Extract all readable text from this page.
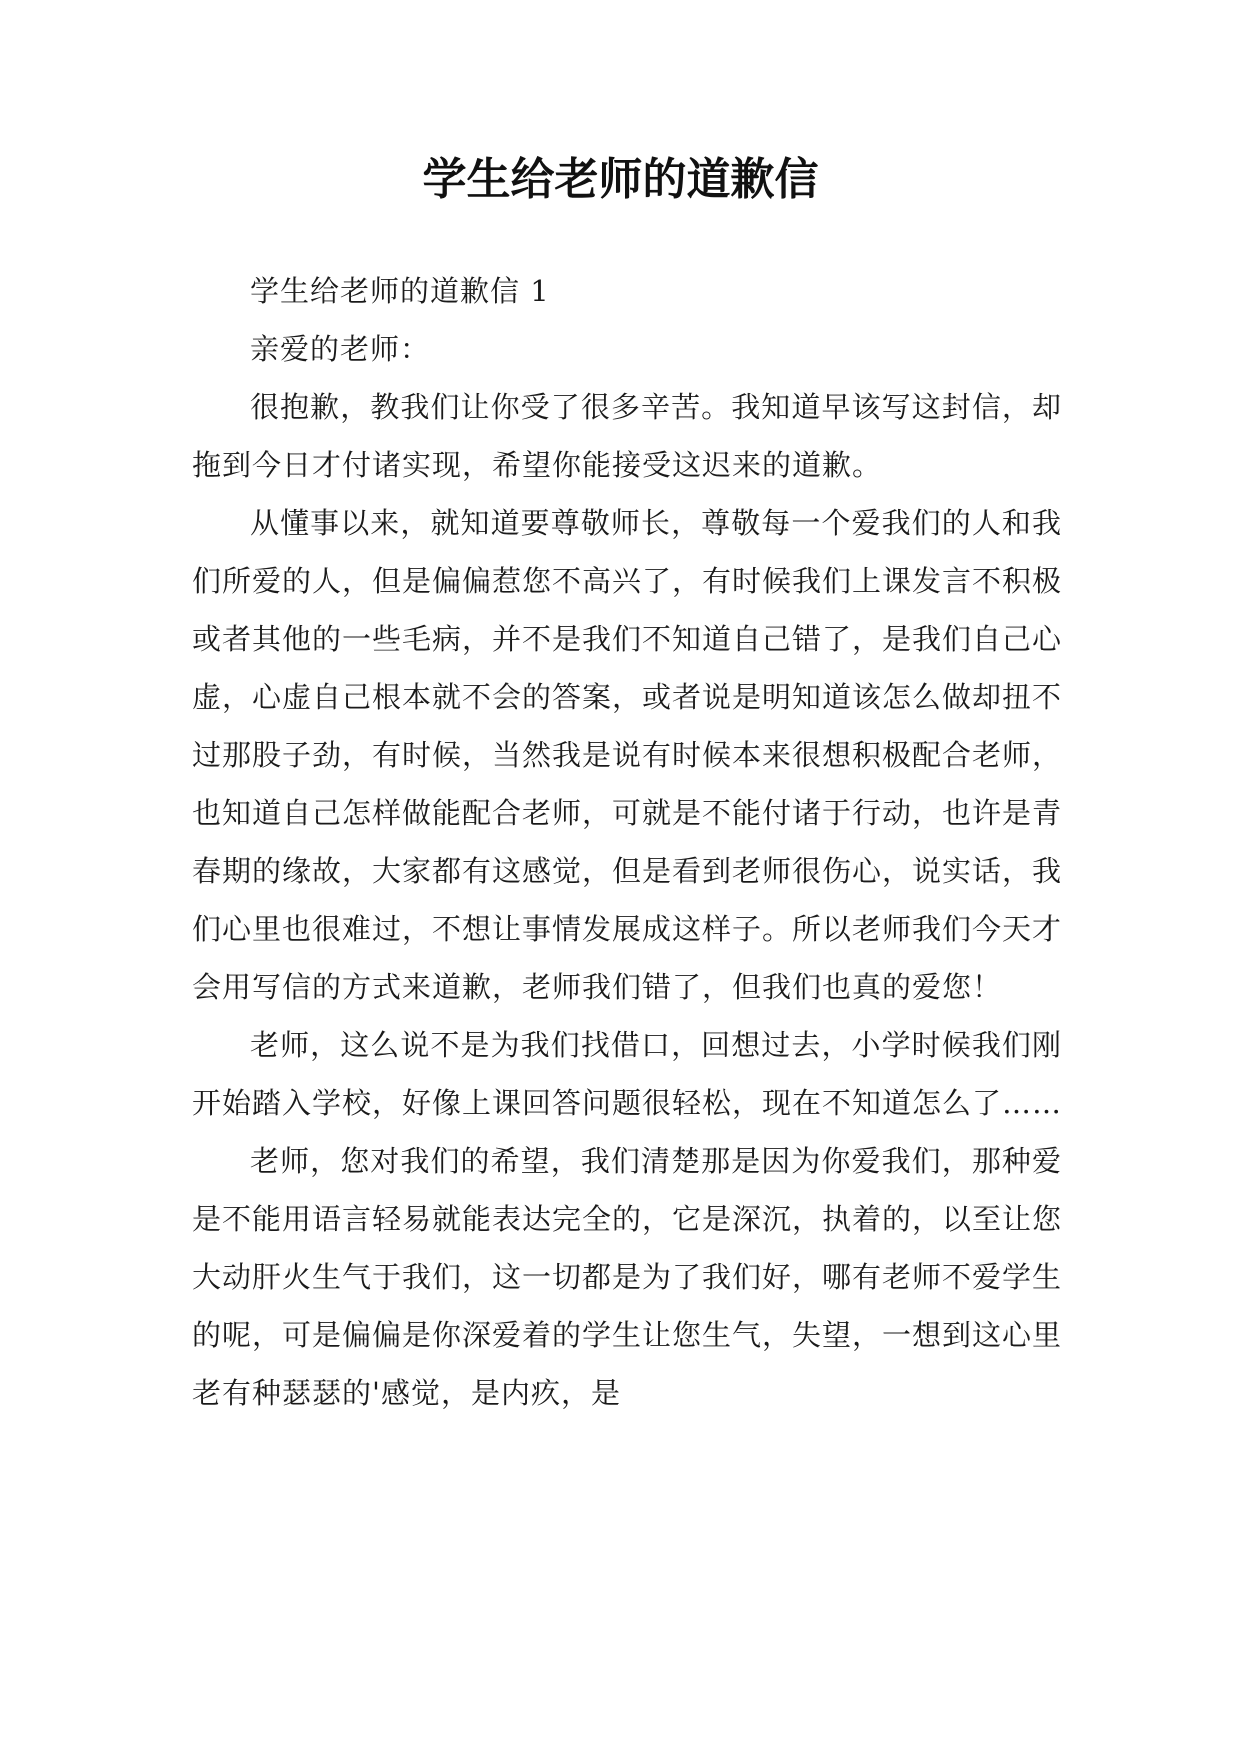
学生给老师的道歉信

学生给老师的道歉信 1

亲爱的老师：

很抱歉，教我们让你受了很多辛苦。我知道早该写这封信，却拖到今日才付诸实现，希望你能接受这迟来的道歉。

从懂事以来，就知道要尊敬师长，尊敬每一个爱我们的人和我们所爱的人，但是偏偏惹您不高兴了，有时候我们上课发言不积极或者其他的一些毛病，并不是我们不知道自己错了，是我们自己心虚，心虚自己根本就不会的答案，或者说是明知道该怎么做却扭不过那股子劲，有时候，当然我是说有时候本来很想积极配合老师，也知道自己怎样做能配合老师，可就是不能付诸于行动，也许是青春期的缘故，大家都有这感觉，但是看到老师很伤心，说实话，我们心里也很难过，不想让事情发展成这样子。所以老师我们今天才会用写信的方式来道歉，老师我们错了，但我们也真的爱您！

老师，这么说不是为我们找借口，回想过去，小学时候我们刚开始踏入学校，好像上课回答问题很轻松，现在不知道怎么了……

老师，您对我们的希望，我们清楚那是因为你爱我们，那种爱是不能用语言轻易就能表达完全的，它是深沉，执着的，以至让您大动肝火生气于我们，这一切都是为了我们好，哪有老师不爱学生的呢，可是偏偏是你深爱着的学生让您生气，失望，一想到这心里老有种瑟瑟的'感觉，是内疚，是
